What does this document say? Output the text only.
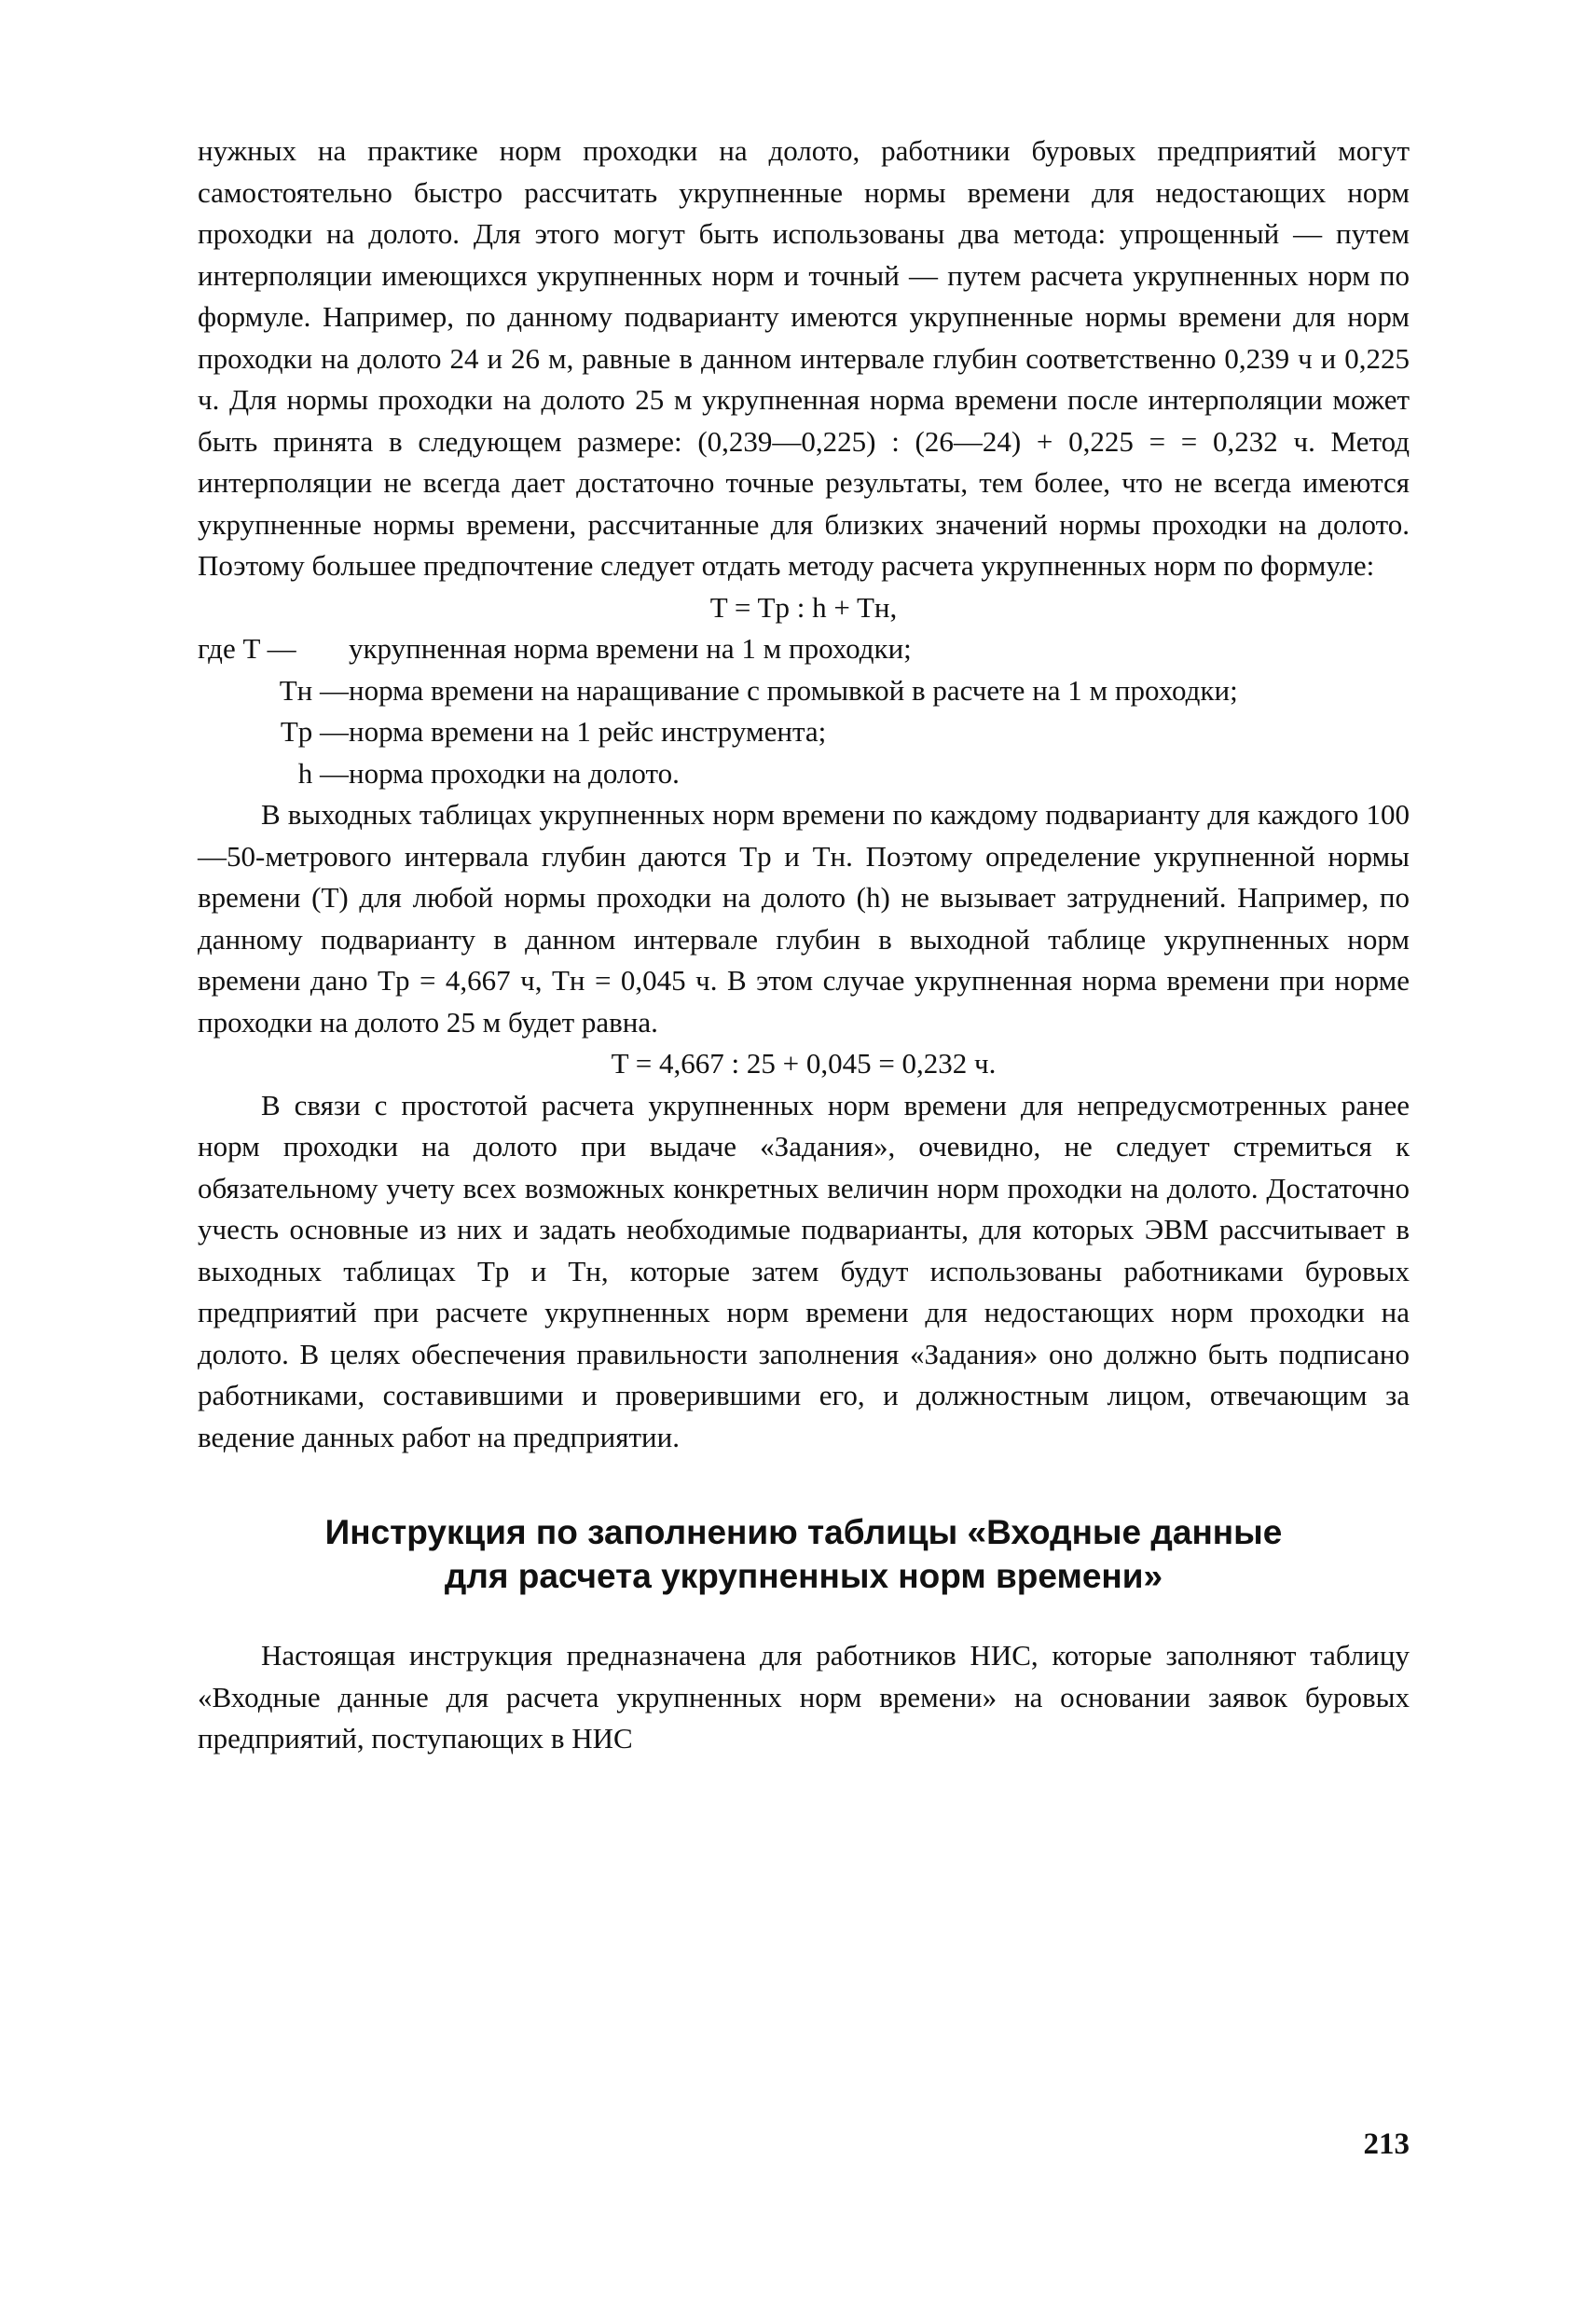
нужных на практике норм проходки на долото, работники буровых предприятий могут самостоятельно быстро рассчитать укрупненные нормы времени для недостающих норм проходки на долото. Для этого могут быть использованы два метода: упрощенный — путем интерполяции имеющихся укрупненных норм и точный — путем расчета укрупненных норм по формуле. Например, по данному подварианту имеются укрупненные нормы времени для норм проходки на долото 24 и 26 м, равные в данном интервале глубин соответственно 0,239 ч и 0,225 ч. Для нормы проходки на долото 25 м укрупненная норма времени после интерполяции может быть принята в следующем размере: (0,239—0,225) : (26—24) + 0,225 = = 0,232 ч. Метод интерполяции не всегда дает достаточно точные результаты, тем более, что не всегда имеются укрупненные нормы времени, рассчитанные для близких значений нормы проходки на долото. Поэтому большее предпочтение следует отдать методу расчета укрупненных норм по формуле:

T = Tр : h + Tн,

где T —	укрупненная норма времени на 1 м проходки;
Tн — норма времени на наращивание с промывкой в расчете на 1 м проходки;
Tр — норма времени на 1 рейс инструмента;
h — норма проходки на долото.

В выходных таблицах укрупненных норм времени по каждому подварианту для каждого 100—50-метрового интервала глубин даются Tр и Tн. Поэтому определение укрупненной нормы времени (T) для любой нормы проходки на долото (h) не вызывает затруднений. Например, по данному подварианту в данном интервале глубин в выходной таблице укрупненных норм времени дано Tр = 4,667 ч, Tн = 0,045 ч. В этом случае укрупненная норма времени при норме проходки на долото 25 м будет равна.

T = 4,667 : 25 + 0,045 = 0,232 ч.

В связи с простотой расчета укрупненных норм времени для непредусмотренных ранее норм проходки на долото при выдаче «Задания», очевидно, не следует стремиться к обязательному учету всех возможных конкретных величин норм проходки на долото. Достаточно учесть основные из них и задать необходимые подварианты, для которых ЭВМ рассчитывает в выходных таблицах Tр и Tн, которые затем будут использованы работниками буровых предприятий при расчете укрупненных норм времени для недостающих норм проходки на долото. В целях обеспечения правильности заполнения «Задания» оно должно быть подписано работниками, составившими и проверившими его, и должностным лицом, отвечающим за ведение данных работ на предприятии.

Инструкция по заполнению таблицы «Входные данные
для расчета укрупненных норм времени»

Настоящая инструкция предназначена для работников НИС, которые заполняют таблицу «Входные данные для расчета укрупненных норм времени» на основании заявок буровых предприятий, поступающих в НИС

213
